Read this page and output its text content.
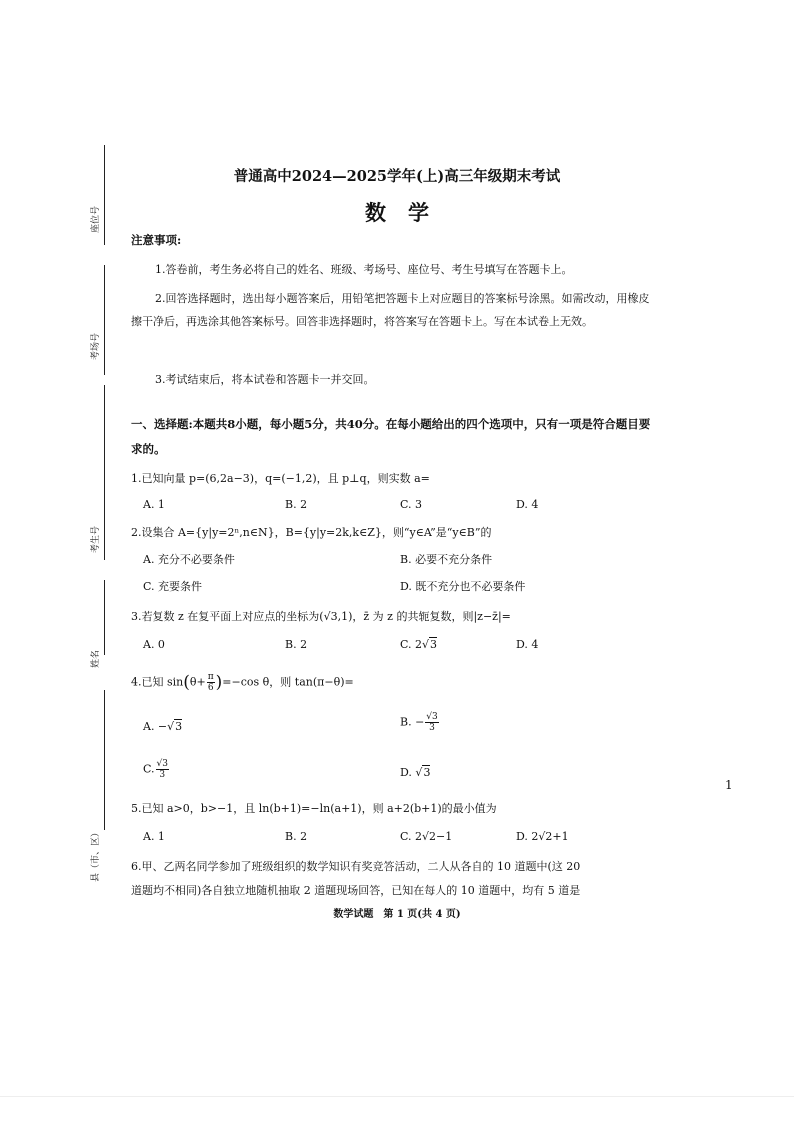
座位号
考场号
考生号
姓名
县（市、区）
普通高中2024—2025学年(上)高三年级期末考试
数学
注意事项:
1.答卷前，考生务必将自己的姓名、班级、考场号、座位号、考生号填写在答题卡上。
2.回答选择题时，选出每小题答案后，用铅笔把答题卡上对应题目的答案标号涂黑。如需改动，用橡皮擦干净后，再选涂其他答案标号。回答非选择题时，将答案写在答题卡上。写在本试卷上无效。
3.考试结束后，将本试卷和答题卡一并交回。
一、选择题:本题共8小题，每小题5分，共40分。在每小题给出的四个选项中，只有一项是符合题目要求的。
1.已知向量 p=(6,2a−3)，q=(−1,2)，且 p⊥q，则实数 a=
A. 1	B. 2	C. 3	D. 4
2.设集合 A={y|y=2ⁿ,n∈N}，B={y|y=2k,k∈Z}，则“y∈A”是“y∈B”的
A. 充分不必要条件	B. 必要不充分条件
C. 充要条件	D. 既不充分也不必要条件
3.若复数 z 在复平面上对应点的坐标为(√3,1)，z̄ 为 z 的共轭复数，则|z−z̄|=
A. 0	B. 2	C. 2√3	D. 4
4.已知 $\sin(\theta+ \frac{\pi}{6} )=-\cos$ θ，则 tan(π−θ)=
A. −√3	B. − $\frac{√3}{3}$
C. $\frac{√3}{3}$	D. √3
5.已知 a>0，b>−1，且 ln(b+1)=−ln(a+1)，则 a+2(b+1)的最小值为
A. 1	B. 2	C. 2√2−1	D. 2√2+1
6.甲、乙两名同学参加了班级组织的数学知识有奖竞答活动，二人从各自的 10 道题中(这 20
道题均不相同)各自独立地随机抽取 2 道题现场回答，已知在每人的 10 道题中，均有 5 道是
1
数学试题　第 1 页(共 4 页)
